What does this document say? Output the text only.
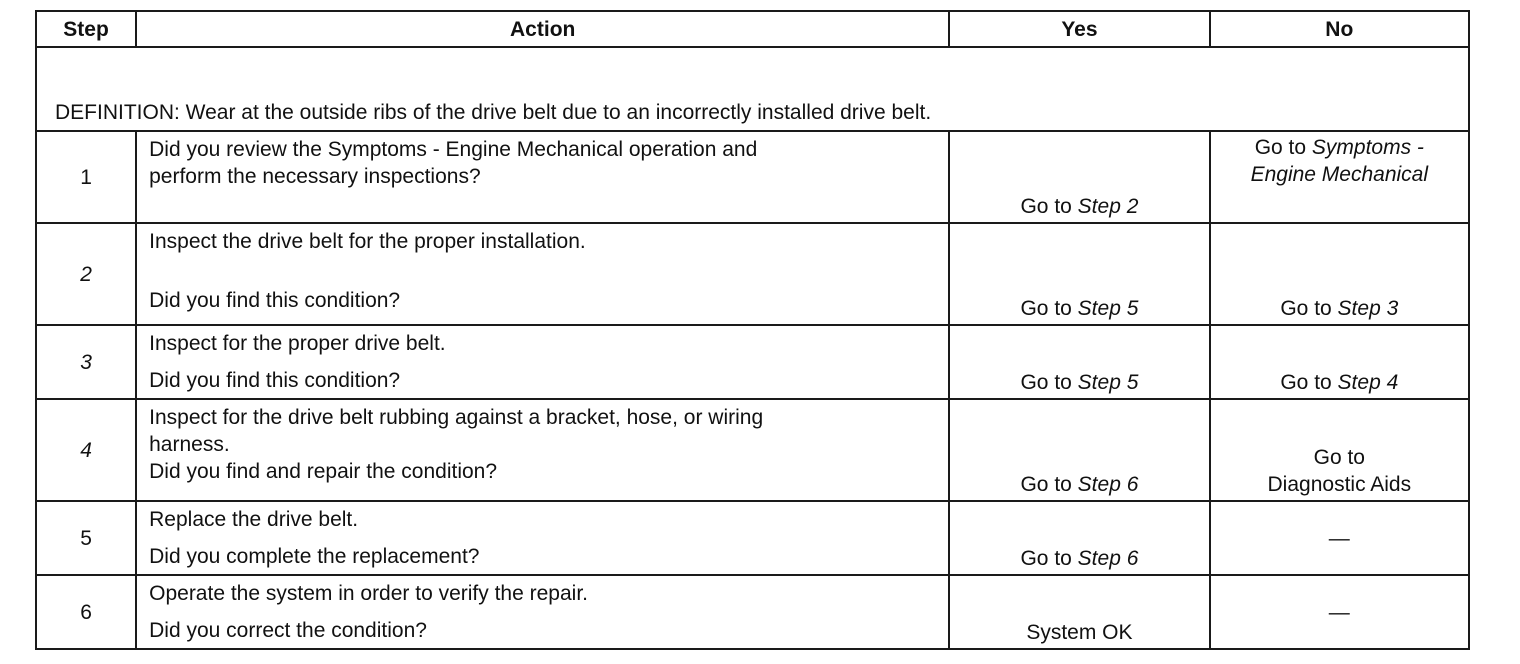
Step	Action	Yes	No
DEFINITION: Wear at the outside ribs of the drive belt due to an incorrectly installed drive belt.			
1	Did you review the Symptoms - Engine Mechanical operation and
perform the necessary inspections?	Go to Step 2	Go to Symptoms -
Engine Mechanical
2	Inspect the drive belt for the proper installation.
Did you find this condition?	Go to Step 5	Go to Step 3
3	Inspect for the proper drive belt.
Did you find this condition?	Go to Step 5	Go to Step 4
4	Inspect for the drive belt rubbing against a bracket, hose, or wiring
harness.
Did you find and repair the condition?	Go to Step 6	Go to
Diagnostic Aids
5	Replace the drive belt.
Did you complete the replacement?	Go to Step 6	—
6	Operate the system in order to verify the repair.
Did you correct the condition?	System OK	—
